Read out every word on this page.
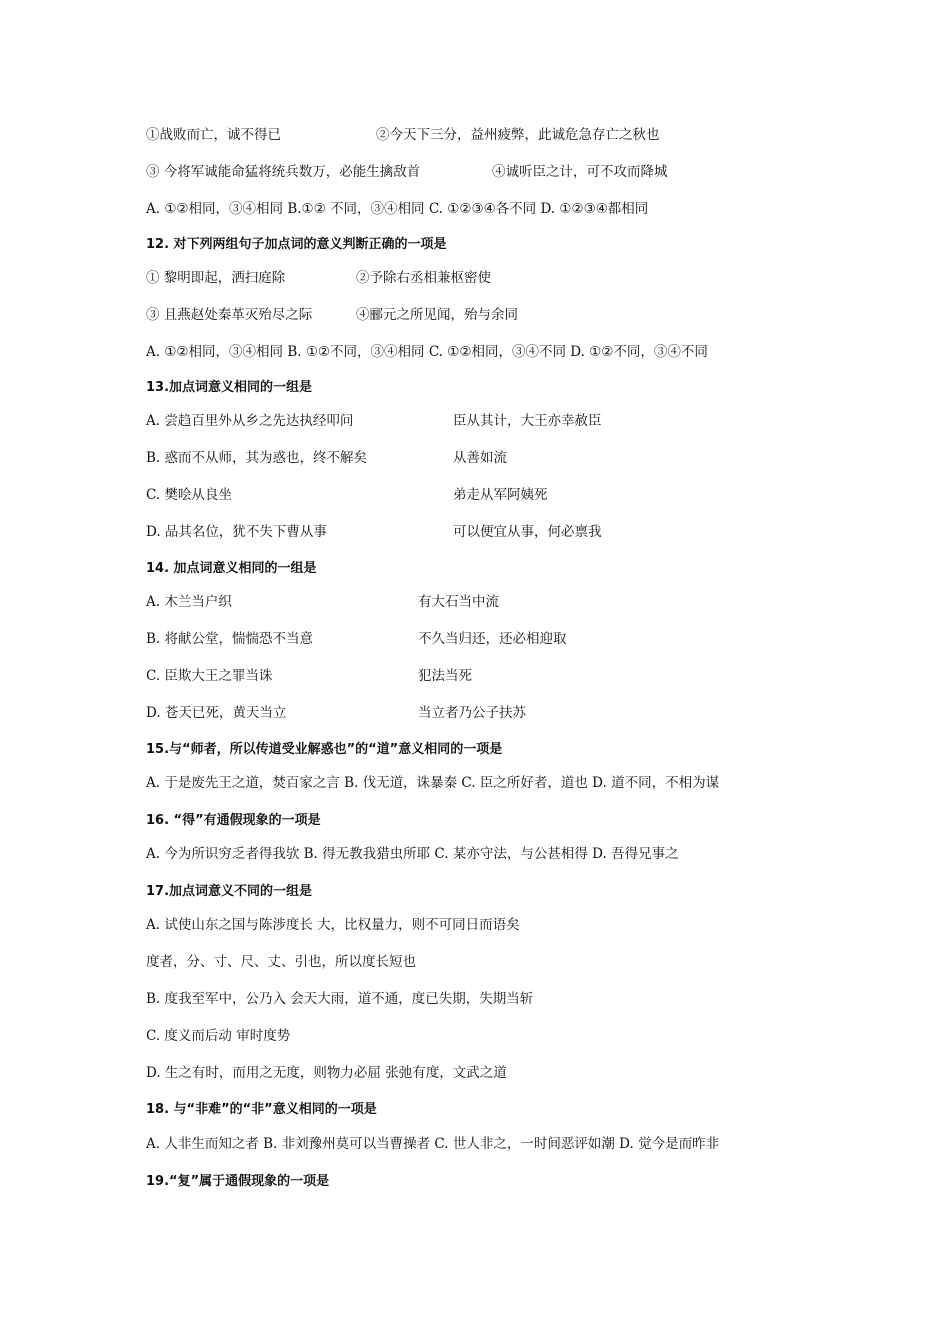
①战败而亡，诚不得已	②今天下三分，益州疲弊，此诚危急存亡之秋也
③ 今将军诚能命猛将统兵数万，必能生擒敌首	④诚听臣之计，可不攻而降城
A. ①②相同，③④相同 B.①② 不同，③④相同 C. ①②③④各不同 D. ①②③④都相同
12. 对下列两组句子加点词的意义判断正确的一项是
① 黎明即起，洒扫庭除	②予除右丞相兼枢密使
③ 且燕赵处秦革灭殆尽之际	④郦元之所见闻，殆与余同
A. ①②相同，③④相同 B. ①②不同，③④相同 C. ①②相同，③④不同 D. ①②不同，③④不同
13.加点词意义相同的一组是
A. 尝趋百里外从乡之先达执经叩问	臣从其计，大王亦幸赦臣
B. 惑而不从师，其为惑也，终不解矣	从善如流
C. 樊哙从良坐	弟走从军阿姨死
D. 品其名位，犹不失下曹从事	可以便宜从事，何必禀我
14. 加点词意义相同的一组是
A. 木兰当户织	有大石当中流
B. 将献公堂，惴惴恐不当意	不久当归还，还必相迎取
C. 臣欺大王之罪当诛	犯法当死
D. 苍天已死，黄天当立	当立者乃公子扶苏
15.与“师者，所以传道受业解惑也”的“道”意义相同的一项是
A. 于是废先王之道，焚百家之言 B. 伐无道，诛暴秦 C. 臣之所好者，道也 D. 道不同，不相为谋
16. “得”有通假现象的一项是
A. 今为所识穷乏者得我欤 B. 得无教我猎虫所耶 C. 某亦守法，与公甚相得 D. 吾得兄事之
17.加点词意义不同的一组是
A. 试使山东之国与陈涉度长 大，比权量力，则不可同日而语矣
度者，分、寸、尺、丈、引也，所以度长短也
B. 度我至军中，公乃入 会天大雨，道不通，度已失期，失期当斩
C. 度义而后动 审时度势
D. 生之有时，而用之无度，则物力必屈 张弛有度，文武之道
18. 与“非难”的“非”意义相同的一项是
A. 人非生而知之者 B. 非刘豫州莫可以当曹操者 C. 世人非之，一时间恶评如潮 D. 觉今是而昨非
19.“复”属于通假现象的一项是
